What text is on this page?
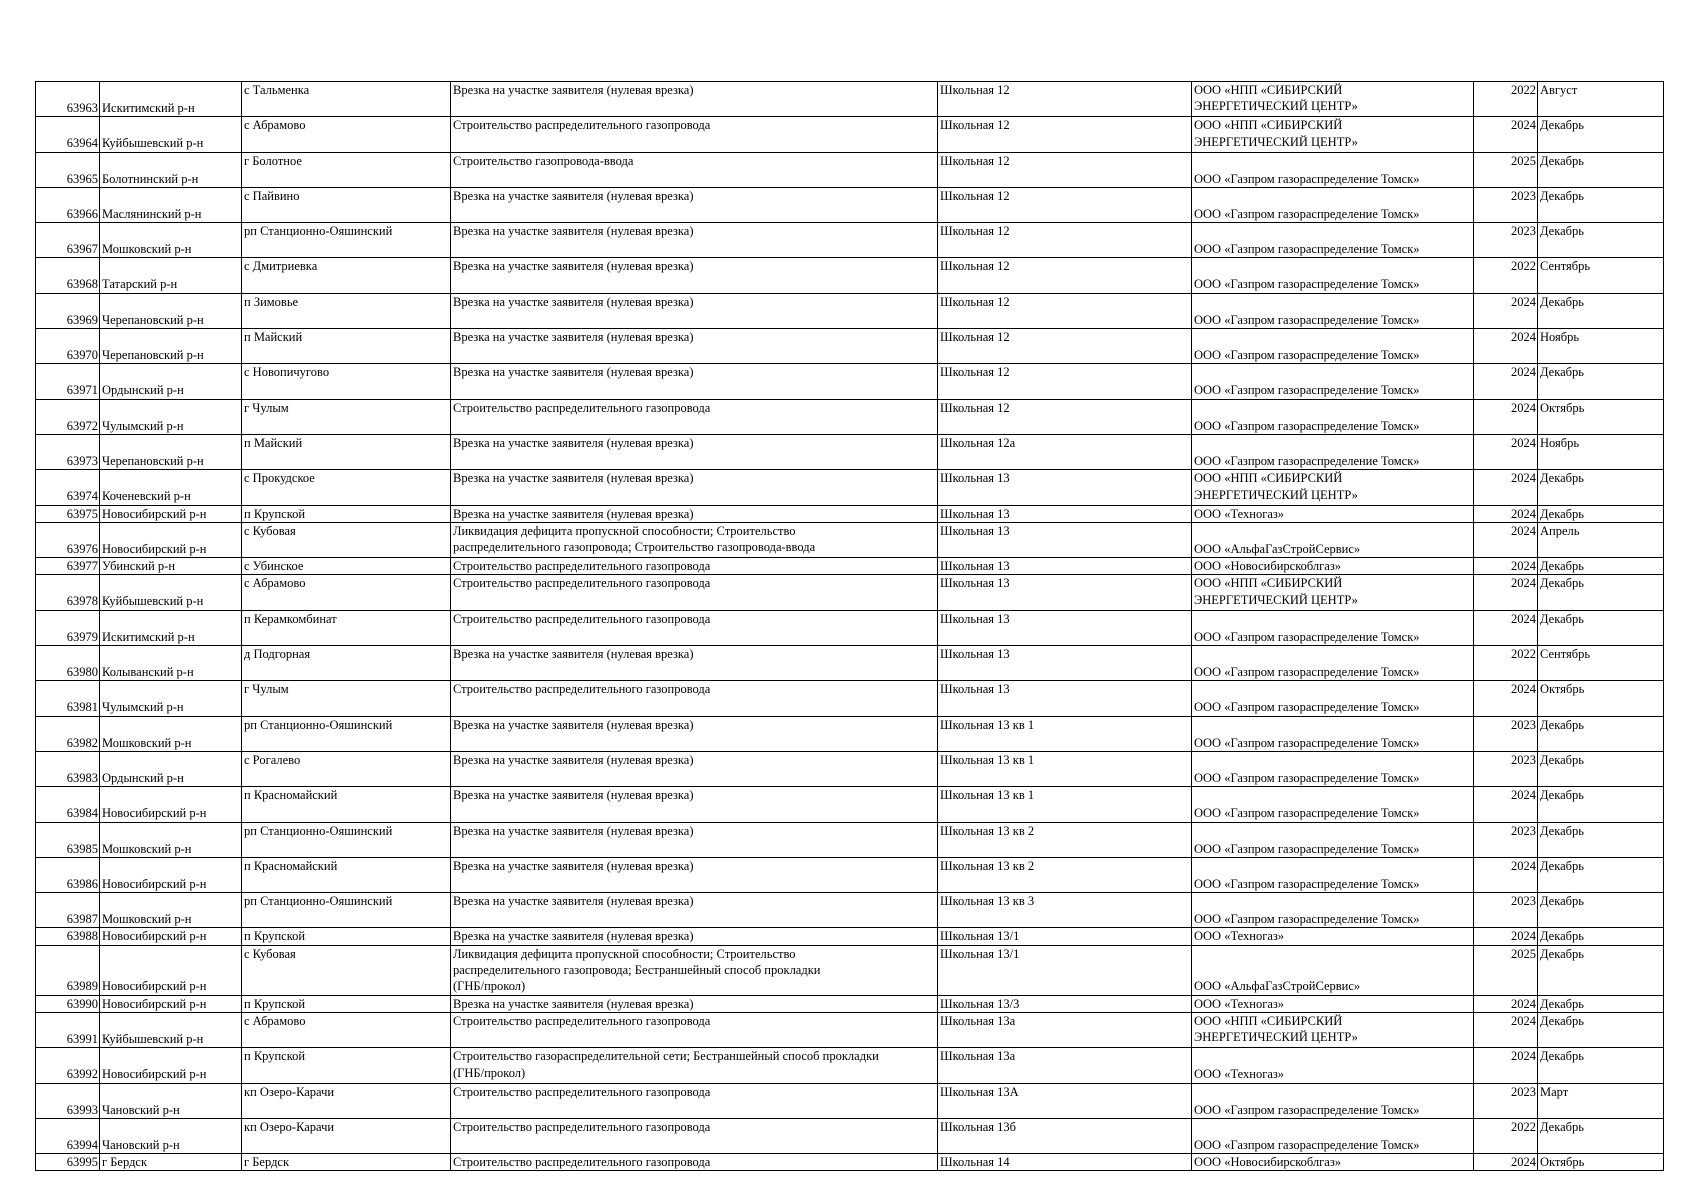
63963	Искитимский р-н	с Тальменка	Врезка на участке заявителя (нулевая врезка)	Школьная 12	ООО «НПП «СИБИРСКИЙ
ЭНЕРГЕТИЧЕСКИЙ ЦЕНТР»	2022	Август
63964	Куйбышевский р-н	с Абрамово	Строительство распределительного газопровода	Школьная 12	ООО «НПП «СИБИРСКИЙ
ЭНЕРГЕТИЧЕСКИЙ ЦЕНТР»	2024	Декабрь
63965	Болотнинский р-н	г Болотное	Строительство газопровода-ввода	Школьная 12	ООО «Газпром газораспределение Томск»	2025	Декабрь
63966	Маслянинский р-н	с Пайвино	Врезка на участке заявителя (нулевая врезка)	Школьная 12	ООО «Газпром газораспределение Томск»	2023	Декабрь
63967	Мошковский р-н	рп Станционно-Ояшинский	Врезка на участке заявителя (нулевая врезка)	Школьная 12	ООО «Газпром газораспределение Томск»	2023	Декабрь
63968	Татарский р-н	с Дмитриевка	Врезка на участке заявителя (нулевая врезка)	Школьная 12	ООО «Газпром газораспределение Томск»	2022	Сентябрь
63969	Черепановский р-н	п Зимовье	Врезка на участке заявителя (нулевая врезка)	Школьная 12	ООО «Газпром газораспределение Томск»	2024	Декабрь
63970	Черепановский р-н	п Майский	Врезка на участке заявителя (нулевая врезка)	Школьная 12	ООО «Газпром газораспределение Томск»	2024	Ноябрь
63971	Ордынский р-н	с Новопичугово	Врезка на участке заявителя (нулевая врезка)	Школьная 12	ООО «Газпром газораспределение Томск»	2024	Декабрь
63972	Чулымский р-н	г Чулым	Строительство распределительного газопровода	Школьная 12	ООО «Газпром газораспределение Томск»	2024	Октябрь
63973	Черепановский р-н	п Майский	Врезка на участке заявителя (нулевая врезка)	Школьная 12а	ООО «Газпром газораспределение Томск»	2024	Ноябрь
63974	Коченевский р-н	с Прокудское	Врезка на участке заявителя (нулевая врезка)	Школьная 13	ООО «НПП «СИБИРСКИЙ
ЭНЕРГЕТИЧЕСКИЙ ЦЕНТР»	2024	Декабрь
63975	Новосибирский р-н	п Крупской	Врезка на участке заявителя (нулевая врезка)	Школьная 13	ООО «Техногаз»	2024	Декабрь
63976	Новосибирский р-н	с Кубовая	Ликвидация дефицита пропускной способности; Строительство
распределительного газопровода; Строительство газопровода-ввода	Школьная 13	ООО «АльфаГазСтройСервис»	2024	Апрель
63977	Убинский р-н	с Убинское	Строительство распределительного газопровода	Школьная 13	ООО «Новосибирскоблгаз»	2024	Декабрь
63978	Куйбышевский р-н	с Абрамово	Строительство распределительного газопровода	Школьная 13	ООО «НПП «СИБИРСКИЙ
ЭНЕРГЕТИЧЕСКИЙ ЦЕНТР»	2024	Декабрь
63979	Искитимский р-н	п Керамкомбинат	Строительство распределительного газопровода	Школьная 13	ООО «Газпром газораспределение Томск»	2024	Декабрь
63980	Колыванский р-н	д Подгорная	Врезка на участке заявителя (нулевая врезка)	Школьная 13	ООО «Газпром газораспределение Томск»	2022	Сентябрь
63981	Чулымский р-н	г Чулым	Строительство распределительного газопровода	Школьная 13	ООО «Газпром газораспределение Томск»	2024	Октябрь
63982	Мошковский р-н	рп Станционно-Ояшинский	Врезка на участке заявителя (нулевая врезка)	Школьная 13 кв 1	ООО «Газпром газораспределение Томск»	2023	Декабрь
63983	Ордынский р-н	с Рогалево	Врезка на участке заявителя (нулевая врезка)	Школьная 13 кв 1	ООО «Газпром газораспределение Томск»	2023	Декабрь
63984	Новосибирский р-н	п Красномайский	Врезка на участке заявителя (нулевая врезка)	Школьная 13 кв 1	ООО «Газпром газораспределение Томск»	2024	Декабрь
63985	Мошковский р-н	рп Станционно-Ояшинский	Врезка на участке заявителя (нулевая врезка)	Школьная 13 кв 2	ООО «Газпром газораспределение Томск»	2023	Декабрь
63986	Новосибирский р-н	п Красномайский	Врезка на участке заявителя (нулевая врезка)	Школьная 13 кв 2	ООО «Газпром газораспределение Томск»	2024	Декабрь
63987	Мошковский р-н	рп Станционно-Ояшинский	Врезка на участке заявителя (нулевая врезка)	Школьная 13 кв 3	ООО «Газпром газораспределение Томск»	2023	Декабрь
63988	Новосибирский р-н	п Крупской	Врезка на участке заявителя (нулевая врезка)	Школьная 13/1	ООО «Техногаз»	2024	Декабрь
63989	Новосибирский р-н	с Кубовая	Ликвидация дефицита пропускной способности; Строительство
распределительного газопровода; Бестраншейный способ прокладки
(ГНБ/прокол)	Школьная 13/1	ООО «АльфаГазСтройСервис»	2025	Декабрь
63990	Новосибирский р-н	п Крупской	Врезка на участке заявителя (нулевая врезка)	Школьная 13/3	ООО «Техногаз»	2024	Декабрь
63991	Куйбышевский р-н	с Абрамово	Строительство распределительного газопровода	Школьная 13а	ООО «НПП «СИБИРСКИЙ
ЭНЕРГЕТИЧЕСКИЙ ЦЕНТР»	2024	Декабрь
63992	Новосибирский р-н	п Крупской	Строительство газораспределительной сети; Бестраншейный способ прокладки
(ГНБ/прокол)	Школьная 13а	ООО «Техногаз»	2024	Декабрь
63993	Чановский р-н	кп Озеро-Карачи	Строительство распределительного газопровода	Школьная 13А	ООО «Газпром газораспределение Томск»	2023	Март
63994	Чановский р-н	кп Озеро-Карачи	Строительство распределительного газопровода	Школьная 13б	ООО «Газпром газораспределение Томск»	2022	Декабрь
63995	г Бердск	г Бердск	Строительство распределительного газопровода	Школьная 14	ООО «Новосибирскоблгаз»	2024	Октябрь
